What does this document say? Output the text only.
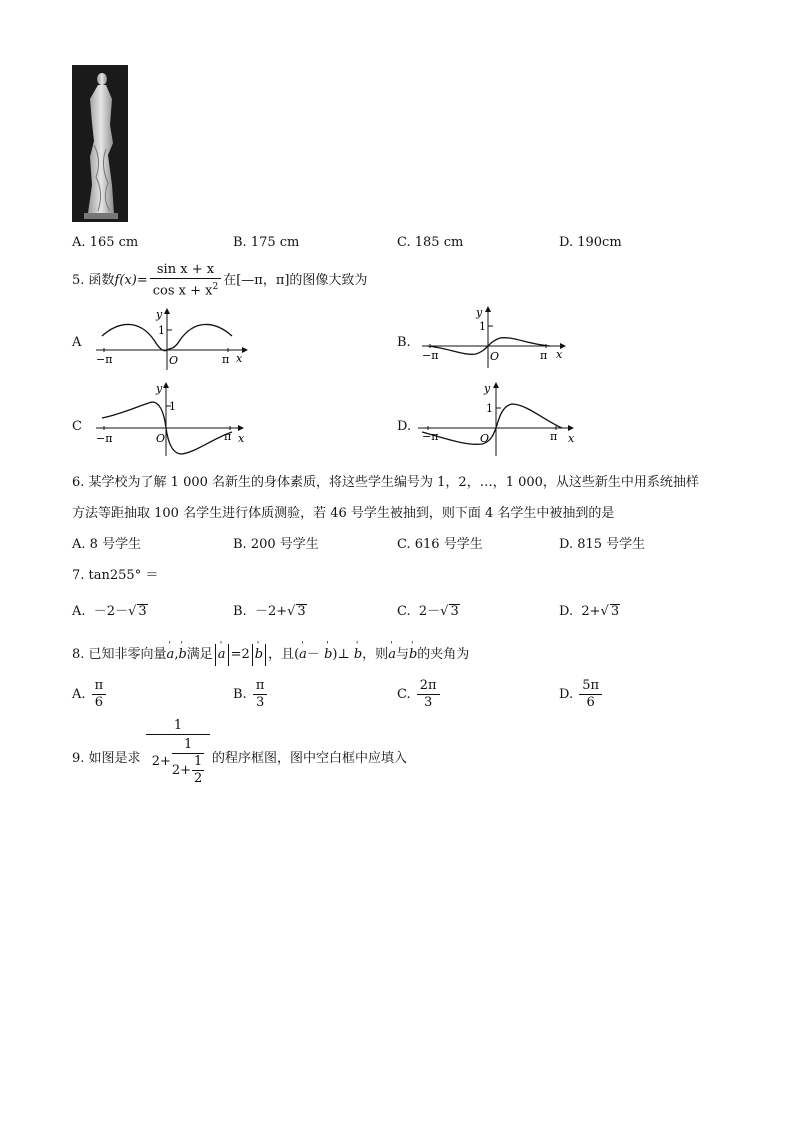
A. 165 cm	B. 175 cm	C. 185 cm	D. 190cm
5. 函数$f(x)= \frac{\text{sin x + x}}{\cos x + x^2}$ 在[—π，π]的图像大致为
A	B.
C	D.
y
x
O
1
−π	π
y
x
O
1
−π	π
y
x
O
1
−π	π
y
x
O
1
−π	π
6. 某学校为了解 1 000 名新生的身体素质，将这些学生编号为 1，2，…，1 000，从这些新生中用系统抽样
方法等距抽取 100 名学生进行体质测验，若 46 号学生被抽到，则下面 4 名学生中被抽到的是
A. 8 号学生	B. 200 号学生	C. 616 号学生	D. 815 号学生
7. tan255° ＝
A. －2－√ 3	B. －2+√ 3	C. 2－√ 3	D. 2+√ 3
8. 已知非零向量' a,' b满足 ' a =2 ' b ，且(' a－ ' b)⊥ ' b，则' a与' b的夹角为
A. $\frac{\pi}{6}$	B. $\frac{\pi}{3}$	C. $\frac{2\pi}{3}$	D. $\frac{5\pi}{6}$
9. 如图是求
1
$2+ \frac{1}{2+ \frac{1}{2}}$ 的程序框图，图中空白框中应填入
